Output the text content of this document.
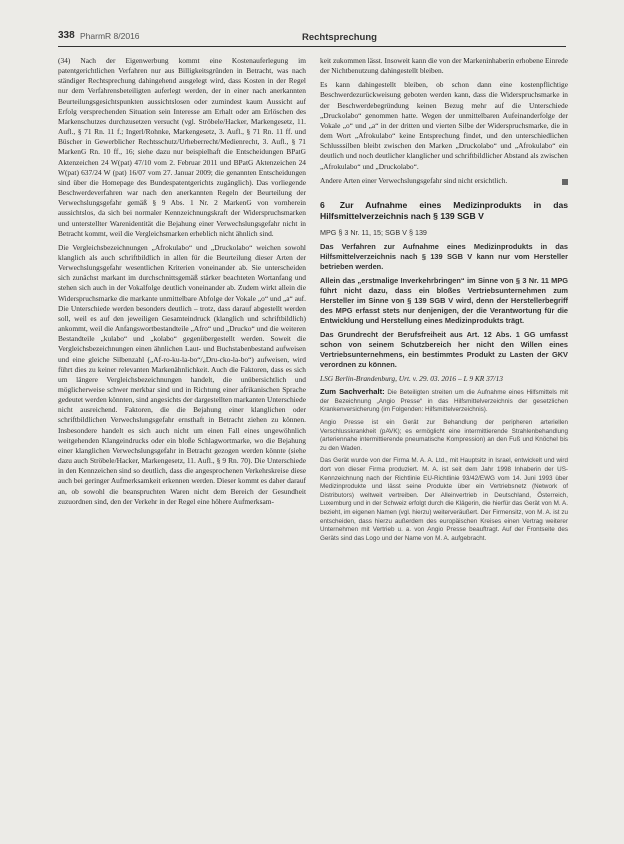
338 PharmR 8/2016	Rechtsprechung

(34) Nach der Eigenwerbung kommt eine Kostenauferlegung im patentgerichtlichen Verfahren nur aus Billigkeitsgründen in Betracht, was nach ständiger Rechtsprechung dahingehend ausgelegt wird, dass Kosten in der Regel nur dem Verfahrensbeteiligten auferlegt werden, der in einer nach anerkannten Beurteilungsgesichtspunkten aussichtslosen oder zumindest kaum Aussicht auf Erfolg versprechenden Situation sein Interesse am Erhalt oder am Erlöschen des Markenschutzes durchzusetzen versucht (vgl. Ströbele/Hacker, Markengesetz, 11. Aufl., § 71 Rn. 11 f.; Ingerl/Rohnke, Markengesetz, 3. Aufl., § 71 Rn. 11 ff. und Büscher in Gewerblicher Rechtsschutz/Urheberrecht/Medienrecht, 3. Aufl., § 71 MarkenG Rn. 10 ff., 16; siehe dazu nur beispielhaft die Entscheidungen BPatG Aktenzeichen 24 W(pat) 47/10 vom 2. Februar 2011 und BPatG Aktenzeichen 24 W(pat) 637/24 W (pat) 16/07 vom 27. Januar 2009; die genannten Entscheidungen sind über die Homepage des Bundespatentgerichts zugänglich). Das vorliegende Beschwerdeverfahren war nach den anerkannten Regeln der Beurteilung der Verwechslungsgefahr gemäß § 9 Abs. 1 Nr. 2 MarkenG von vornherein aussichtslos, da sich bei normaler Kennzeichnungskraft der Widerspruchsmarken und unterstellter Warenidentität die Bejahung einer Verwechslungsgefahr nicht in Betracht kommt, weil die Vergleichsmarken erheblich nicht ähnlich sind.

Die Vergleichsbezeichnungen „Afrokulabo“ und „Druckolabo“ weichen sowohl klanglich als auch schriftbildlich in allen für die Beurteilung dieser Arten der Verwechslungsgefahr wesentlichen Kriterien voneinander ab. Sie unterscheiden sich zunächst markant im durchschnittsgemäß stärker beachteten Wortanfang und stehen sich auch in der Vokalfolge deutlich voneinander ab. Zudem wirkt allein die Widerspruchsmarke die markante unmittelbare Abfolge der Vokale „o“ und „a“ auf. Die Unterschiede werden besonders deutlich – trotz, dass darauf abgestellt werden soll, weil es auf den jeweiligen Gesamteindruck (klanglich und schriftbildlich) ankommt, weil die Anfangswortbestandteile „Afro“ und „Drucko“ und die weiteren Bestandteile „kulabo“ und „kolabo“ gegenübergestellt werden. Soweit die Vergleichsbezeichnungen einen ähnlichen Laut- und Buchstabenbestand aufweisen und eine gleiche Silbenzahl („Af-ro-ku-la-bo“/„Dru-cko-la-bo“) aufweisen, wird führt dies zu keiner relevanten Markenähnlichkeit. Auch die Faktoren, dass es sich um längere Vergleichsbezeichnungen handelt, die unübersichtlich und möglicherweise schwer merkbar sind und in Richtung einer afrikanischen Sprache gedeutet werden könnten, sind angesichts der dargestellten markanten Unterschiede nicht ausreichend. Faktoren, die die Bejahung einer klanglichen oder schriftbildlichen Verwechslungsgefahr ernsthaft in Betracht ziehen zu können. Insbesondere handelt es sich auch nicht um einen Fall eines ungewöhnlich weitgehenden Klangeindrucks oder ein bloße Schlagwortmarke, wo die Bejahung einer klanglichen Verwechslungsgefahr in Betracht gezogen werden könnte (siehe dazu auch Ströbele/Hacker, Markengesetz, 11. Aufl., § 9 Rn. 70). Die Unterschiede in den Kennzeichen sind so deutlich, dass die angesprochenen Verkehrskreise diese auch bei geringer Aufmerksamkeit erkennen werden. Dieser kommt es daher darauf an, ob sowohl die beanspruchten Waren nicht dem Bereich der Gesundheit zuzuordnen sind, den der Verkehr in der Regel eine höhere Aufmerksam-

keit zukommen lässt. Insoweit kann die von der Markeninhaberin erhobene Einrede der Nichtbenutzung dahingestellt bleiben.

Es kann dahingestellt bleiben, ob schon dann eine kostenpflichtige Beschwerdezurückweisung geboten werden kann, dass die Widerspruchsmarke in der Beschwerdebegründung keinen Bezug mehr auf die Unterschiede „Druckolabo“ genommen hatte. Wegen der unmittelbaren Aufeinanderfolge der Vokale „o“ und „a“ in der dritten und vierten Silbe der Widerspruchsmarke, die in dem Wort „Afrokulabo“ keine Entsprechung findet, und den unterschiedlichen Schlusssilben bleibt zwischen den Marken „Druckolabo“ und „Afrokulabo“ ein deutlich und noch deutlicher klanglicher und schriftbildlicher Abstand als zwischen „Afrokulabo“ und „Druckolabo“.

Andere Arten einer Verwechslungsgefahr sind nicht ersichtlich.

6 Zur Aufnahme eines Medizinprodukts in das Hilfsmittelverzeichnis nach § 139 SGB V

MPG § 3 Nr. 11, 15; SGB V § 139

Das Verfahren zur Aufnahme eines Medizinprodukts in das Hilfsmittelverzeichnis nach § 139 SGB V kann nur vom Hersteller betrieben werden.

Allein das „erstmalige Inverkehrbringen“ im Sinne von § 3 Nr. 11 MPG führt nicht dazu, dass ein bloßes Vertriebsunternehmen zum Hersteller im Sinne von § 139 SGB V wird, denn der Herstellerbegriff des MPG erfasst stets nur denjenigen, der die Verantwortung für die Entwicklung und Herstellung eines Medizinprodukts trägt.

Das Grundrecht der Berufsfreiheit aus Art. 12 Abs. 1 GG umfasst schon von seinem Schutzbereich her nicht den Willen eines Vertriebsunternehmens, ein bestimmtes Produkt zu Lasten der GKV verordnen zu können.

LSG Berlin-Brandenburg, Urt. v. 29. 03. 2016 – L 9 KR 37/13

Zum Sachverhalt: Die Beteiligten streiten um die Aufnahme eines Hilfsmittels mit der Bezeichnung „Angio Presse“ in das Hilfsmittelverzeichnis der gesetzlichen Krankenversicherung (im Folgenden: Hilfsmittelverzeichnis).

Angio Presse ist ein Gerät zur Behandlung der peripheren arteriellen Verschlusskrankheit (pAVK); es ermöglicht eine intermittierende Strahlenbehandlung (arteriennahe intermittierende pneumatische Kompression) an den Fuß und Knöchel bis zu den Waden.

Das Gerät wurde von der Firma M. A. A. Ltd., mit Hauptsitz in Israel, entwickelt und wird dort von dieser Firma produziert. M. A. ist seit dem Jahr 1998 Inhaberin der US-Kennzeichnung nach der Richtlinie EU-Richtlinie 93/42/EWG vom 14. Juni 1993 über Medizinprodukte und lässt seine Produkte über ein Vertriebsnetz (Network of Distributors) weltweit vertreiben. Der Alleinvertrieb in Deutschland, Österreich, Luxemburg und in der Schweiz erfolgt durch die Klägerin, die hierfür das Gerät von M. A. bezieht, im eigenen Namen (vgl. hierzu) weiterveräußert. Der Firmensitz, von M. A. ist zu entscheiden, dass hierzu außerdem des europäischen Kreises einen Vertrag weiterer Unternehmen mit Vertrieb u. a. von Angio Presse beauftragt. Auf der Frontseite des Geräts sind das Logo und der Name von M. A. aufgebracht.
